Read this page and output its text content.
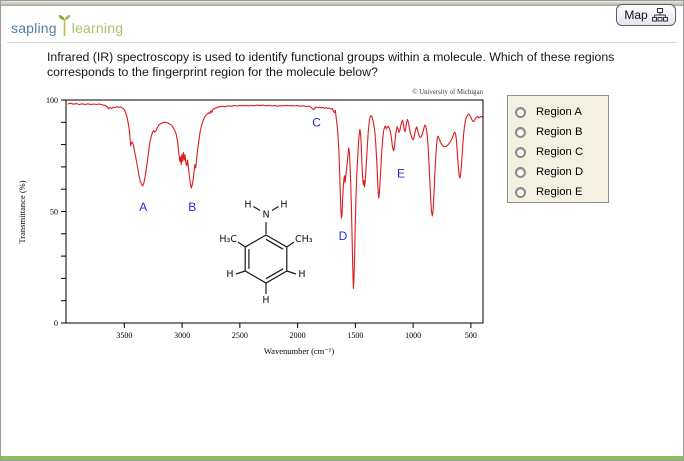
sapling learning
Map
Infrared (IR) spectroscopy is used to identify functional groups within a molecule. Which of these regions
corresponds to the fingerprint region for the molecule below?
© University of Michigan
3500	3000	2500	2000	1500	1000	500
100
50
0
A	B
C
D
E
Wavenumber (cm⁻¹)
Transmittance (%)	N
H	H
H₃C	CH₃
H	H
H
Region A
Region B
Region C
Region D
Region E
